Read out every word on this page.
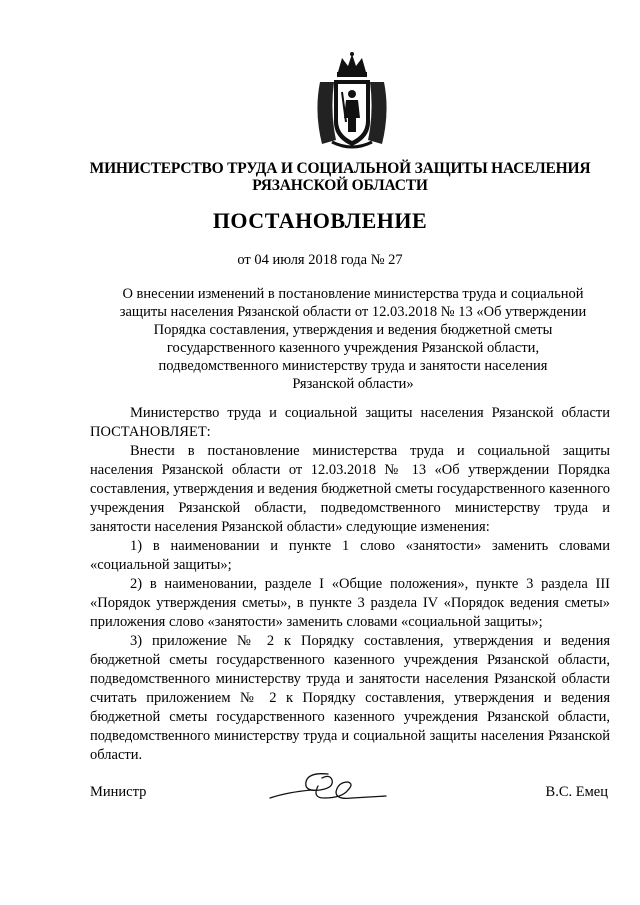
МИНИСТЕРСТВО ТРУДА И СОЦИАЛЬНОЙ ЗАЩИТЫ НАСЕЛЕНИЯ
РЯЗАНСКОЙ ОБЛАСТИ
ПОСТАНОВЛЕНИЕ
от 04 июля 2018 года № 27
О внесении изменений в постановление министерства труда и социальной
защиты населения Рязанской области от 12.03.2018 № 13 «Об утверждении
Порядка составления, утверждения и ведения бюджетной сметы
государственного казенного учреждения Рязанской области,
подведомственного министерству труда и занятости населения
Рязанской области»

Министерство труда и социальной защиты населения Рязанской области ПОСТАНОВЛЯЕТ:

Внести в постановление министерства труда и социальной защиты населения Рязанской области от 12.03.2018 № 13 «Об утверждении Порядка составления, утверждения и ведения бюджетной сметы государственного казенного учреждения Рязанской области, подведомственного министерству труда и занятости населения Рязанской области» следующие изменения:

1) в наименовании и пункте 1 слово «занятости» заменить словами «социальной защиты»;

2) в наименовании, разделе I «Общие положения», пункте 3 раздела III «Порядок утверждения сметы», в пункте 3 раздела IV «Порядок ведения сметы» приложения слово «занятости» заменить словами «социальной защиты»;

3) приложение № 2 к Порядку составления, утверждения и ведения бюджетной сметы государственного казенного учреждения Рязанской области, подведомственного министерству труда и занятости населения Рязанской области считать приложением № 2 к Порядку составления, утверждения и ведения бюджетной сметы государственного казенного учреждения Рязанской области, подведомственного министерству труда и социальной защиты населения Рязанской области.

Министр	В.С. Емец
